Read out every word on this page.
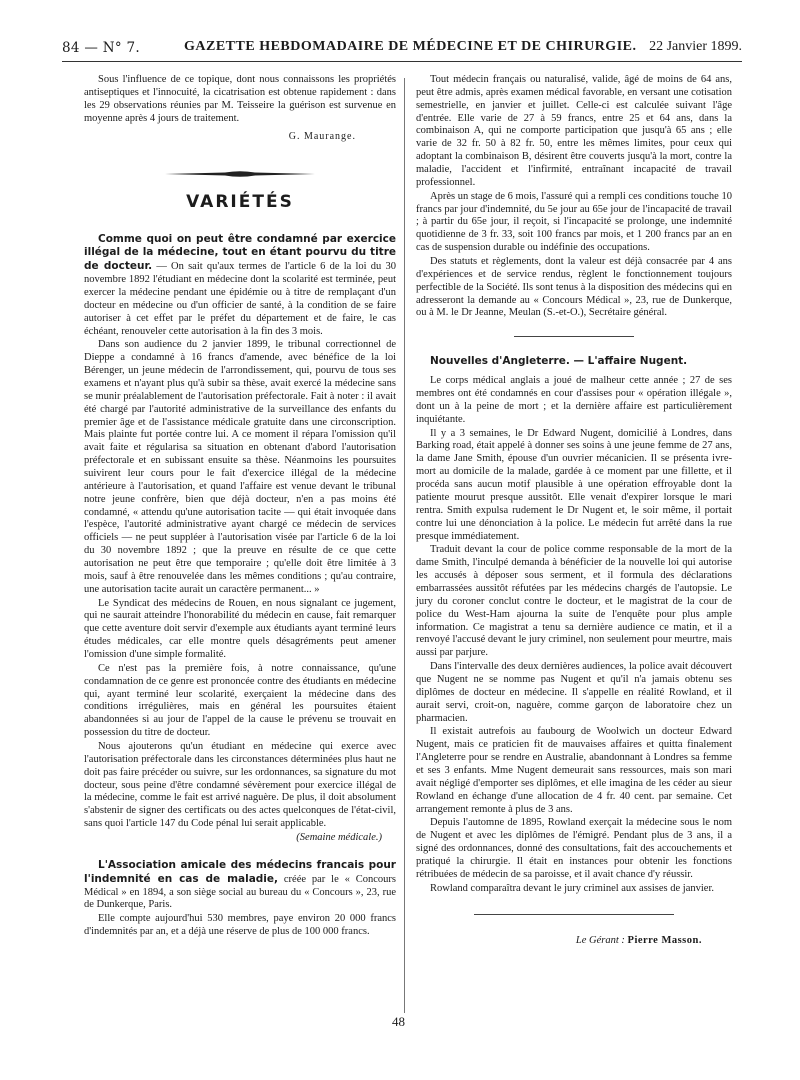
84 — N° 7.	GAZETTE HEBDOMADAIRE DE MÉDECINE ET DE CHIRURGIE. 22 Janvier 1899.

Sous l'influence de ce topique, dont nous connaissons les propriétés antiseptiques et l'innocuité, la cicatrisation est obtenue rapidement : dans les 29 observations réunies par M. Teisseire la guérison est survenue en moyenne après 4 jours de traitement.

G. Maurange.
VARIÉTÉS

Comme quoi on peut être condamné par exercice illégal de la médecine, tout en étant pourvu du titre de docteur. — On sait qu'aux termes de l'article 6 de la loi du 30 novembre 1892 l'étudiant en médecine dont la scolarité est terminée, peut exercer la médecine pendant une épidémie ou à titre de remplaçant d'un docteur en médecine ou d'un officier de santé, à la condition de se faire autoriser à cet effet par le préfet du département et de faire, le cas échéant, renouveler cette autorisation à la fin des 3 mois.

Dans son audience du 2 janvier 1899, le tribunal correctionnel de Dieppe a condamné à 16 francs d'amende, avec bénéfice de la loi Bérenger, un jeune médecin de l'arrondissement, qui, pourvu de tous ses examens et n'ayant plus qu'à subir sa thèse, avait exercé la médecine sans se munir préalablement de l'autorisation préfectorale. Fait à noter : il avait été chargé par l'autorité administrative de la surveillance des enfants du premier âge et de l'assistance médicale gratuite dans une circonscription. Mais plainte fut portée contre lui. A ce moment il répara l'omission qu'il avait faite et régularisa sa situation en obtenant d'abord l'autorisation préfectorale et en subissant ensuite sa thèse. Néanmoins les poursuites suivirent leur cours pour le fait d'exercice illégal de la médecine antérieure à l'autorisation, et quand l'affaire est venue devant le tribunal notre jeune confrère, bien que déjà docteur, n'en a pas moins été condamné, « attendu qu'une autorisation tacite — qui était invoquée dans l'espèce, l'autorité administrative ayant chargé ce médecin de services officiels — ne peut suppléer à l'autorisation visée par l'article 6 de la loi du 30 novembre 1892 ; que la preuve en résulte de ce que cette autorisation ne peut être que temporaire ; qu'elle doit être limitée à 3 mois, sauf à être renouvelée dans les mêmes conditions ; qu'au contraire, une autorisation tacite aurait un caractère permanent... »

Le Syndicat des médecins de Rouen, en nous signalant ce jugement, qui ne saurait atteindre l'honorabilité du médecin en cause, fait remarquer que cette aventure doit servir d'exemple aux étudiants ayant terminé leurs études médicales, car elle montre quels désagréments peut amener l'omission d'une simple formalité.

Ce n'est pas la première fois, à notre connaissance, qu'une condamnation de ce genre est prononcée contre des étudiants en médecine qui, ayant terminé leur scolarité, exerçaient la médecine dans des conditions irrégulières, mais en général les poursuites étaient abandonnées si au jour de l'appel de la cause le prévenu se trouvait en possession du titre de docteur.

Nous ajouterons qu'un étudiant en médecine qui exerce avec l'autorisation préfectorale dans les circonstances déterminées plus haut ne doit pas faire précéder ou suivre, sur les ordonnances, sa signature du mot docteur, sous peine d'être condamné sévèrement pour exercice illégal de la médecine, comme le fait est arrivé naguère. De plus, il doit absolument s'abstenir de signer des certificats ou des actes quelconques de l'état-civil, sans quoi l'article 147 du Code pénal lui serait applicable.

(Semaine médicale.)

L'Association amicale des médecins francais pour l'indemnité en cas de maladie, créée par le « Concours Médical » en 1894, a son siège social au bureau du « Concours », 23, rue de Dunkerque, Paris.

Elle compte aujourd'hui 530 membres, paye environ 20 000 francs d'indemnités par an, et a déjà une réserve de plus de 100 000 francs.

Tout médecin français ou naturalisé, valide, âgé de moins de 64 ans, peut être admis, après examen médical favorable, en versant une cotisation semestrielle, en janvier et juillet. Celle-ci est calculée suivant l'âge d'entrée. Elle varie de 27 à 59 francs, entre 25 et 64 ans, dans la combinaison A, qui ne comporte participation que jusqu'à 65 ans ; elle varie de 32 fr. 50 à 82 fr. 50, entre les mêmes limites, pour ceux qui adoptant la combinaison B, désirent être couverts jusqu'à la mort, contre la maladie, l'accident et l'infirmité, entraînant incapacité de travail professionnel.

Après un stage de 6 mois, l'assuré qui a rempli ces conditions touche 10 francs par jour d'indemnité, du 5e jour au 65e jour de l'incapacité de travail ; à partir du 65e jour, il reçoit, si l'incapacité se prolonge, une indemnité quotidienne de 3 fr. 33, soit 100 francs par mois, et 1 200 francs par an en cas de suspension durable ou indéfinie des occupations.

Des statuts et règlements, dont la valeur est déjà consacrée par 4 ans d'expériences et de service rendus, règlent le fonctionnement toujours perfectible de la Société. Ils sont tenus à la disposition des médecins qui en adresseront la demande au « Concours Médical », 23, rue de Dunkerque, ou à M. le Dr Jeanne, Meulan (S.-et-O.), Secrétaire général.

Nouvelles d'Angleterre. — L'affaire Nugent.

Le corps médical anglais a joué de malheur cette année ; 27 de ses membres ont été condamnés en cour d'assises pour « opération illégale », dont un à la peine de mort ; et la dernière affaire est particulièrement inquiétante.

Il y a 3 semaines, le Dr Edward Nugent, domicilié à Londres, dans Barking road, était appelé à donner ses soins à une jeune femme de 27 ans, la dame Jane Smith, épouse d'un ouvrier mécanicien. Il se présenta ivre-mort au domicile de la malade, gardée à ce moment par une fillette, et il procéda sans aucun motif plausible à une opération effroyable dont la patiente mourut presque aussitôt. Elle venait d'expirer lorsque le mari rentra. Smith expulsa rudement le Dr Nugent et, le soir même, il portait contre lui une dénonciation à la police. Le médecin fut arrêté dans la rue presque immédiatement.

Traduit devant la cour de police comme responsable de la mort de la dame Smith, l'inculpé demanda à bénéficier de la nouvelle loi qui autorise les accusés à déposer sous serment, et il formula des déclarations embarrassées aussitôt réfutées par les médecins chargés de l'autopsie. Le jury du coroner conclut contre le docteur, et le magistrat de la cour de police du West-Ham ajourna la suite de l'enquête pour plus ample information. Ce magistrat a tenu sa dernière audience ce matin, et il a renvoyé l'accusé devant le jury criminel, non seulement pour meurtre, mais aussi par parjure.

Dans l'intervalle des deux dernières audiences, la police avait découvert que Nugent ne se nomme pas Nugent et qu'il n'a jamais obtenu ses diplômes de docteur en médecine. Il s'appelle en réalité Rowland, et il aurait servi, croit-on, naguère, comme garçon de laboratoire chez un pharmacien.

Il existait autrefois au faubourg de Woolwich un docteur Edward Nugent, mais ce praticien fit de mauvaises affaires et quitta finalement l'Angleterre pour se rendre en Australie, abandonnant à Londres sa femme et ses 3 enfants. Mme Nugent demeurait sans ressources, mais son mari avait négligé d'emporter ses diplômes, et elle imagina de les céder au sieur Rowland en échange d'une allocation de 4 fr. 40 cent. par semaine. Cet arrangement remonte à plus de 3 ans.

Depuis l'automne de 1895, Rowland exerçait la médecine sous le nom de Nugent et avec les diplômes de l'émigré. Pendant plus de 3 ans, il a signé des ordonnances, donné des consultations, fait des accouchements et pratiqué la chirurgie. Il était en instances pour obtenir les fonctions rétribuées de médecin de sa paroisse, et il avait chance d'y réussir.

Rowland comparaîtra devant le jury criminel aux assises de janvier.

Le Gérant : Pierre Masson.
48
